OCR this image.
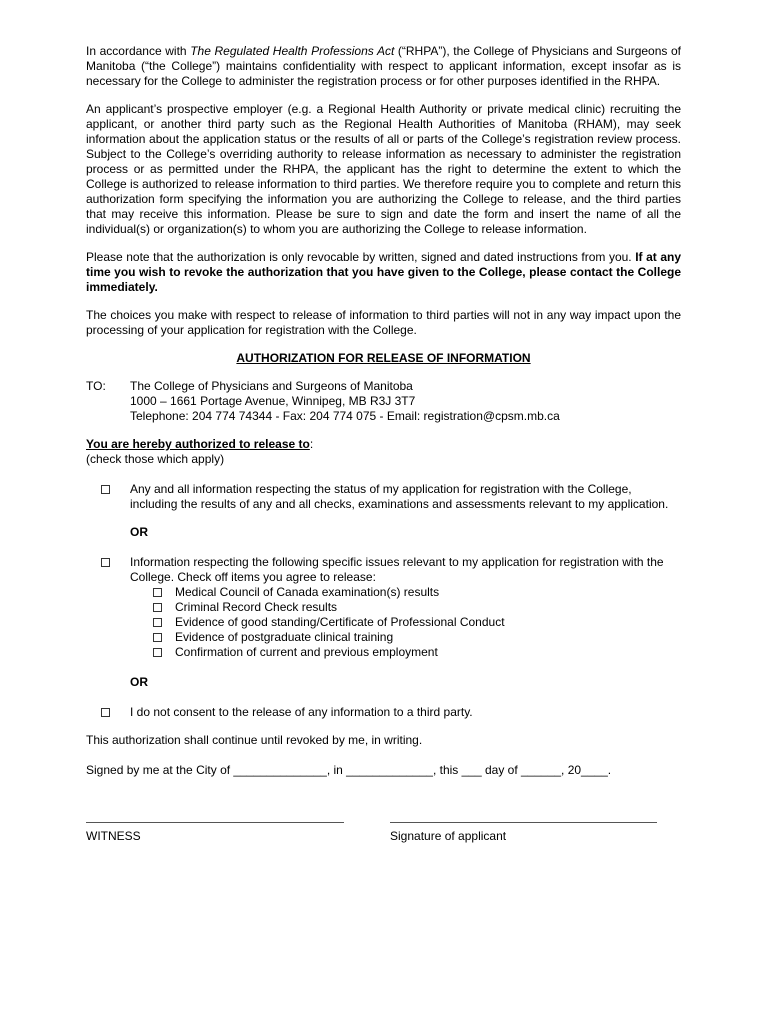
In accordance with The Regulated Health Professions Act (“RHPA”), the College of Physicians and Surgeons of Manitoba (“the College”) maintains confidentiality with respect to applicant information, except insofar as is necessary for the College to administer the registration process or for other purposes identified in the RHPA.

An applicant’s prospective employer (e.g. a Regional Health Authority or private medical clinic) recruiting the applicant, or another third party such as the Regional Health Authorities of Manitoba (RHAM), may seek information about the application status or the results of all or parts of the College’s registration review process. Subject to the College’s overriding authority to release information as necessary to administer the registration process or as permitted under the RHPA, the applicant has the right to determine the extent to which the College is authorized to release information to third parties. We therefore require you to complete and return this authorization form specifying the information you are authorizing the College to release, and the third parties that may receive this information. Please be sure to sign and date the form and insert the name of all the individual(s) or organization(s) to whom you are authorizing the College to release information.

Please note that the authorization is only revocable by written, signed and dated instructions from you. If at any time you wish to revoke the authorization that you have given to the College, please contact the College immediately.

The choices you make with respect to release of information to third parties will not in any way impact upon the processing of your application for registration with the College.

AUTHORIZATION FOR RELEASE OF INFORMATION

TO:	The College of Physicians and Surgeons of Manitoba
1000 – 1661 Portage Avenue, Winnipeg, MB R3J 3T7
Telephone: 204 774 74344 - Fax: 204 774 075 - Email: registration@cpsm.mb.ca
You are hereby authorized to release to:

(check those which apply)

Any and all information respecting the status of my application for registration with the College, including the results of any and all checks, examinations and assessments relevant to my application.

OR

Information respecting the following specific issues relevant to my application for registration with the College. Check off items you agree to release:
Medical Council of Canada examination(s) results
Criminal Record Check results
Evidence of good standing/Certificate of Professional Conduct
Evidence of postgraduate clinical training
Confirmation of current and previous employment

OR

I do not consent to the release of any information to a third party.

This authorization shall continue until revoked by me, in writing.

Signed by me at the City of ______________, in _____________, this ___ day of ______, 20____.

WITNESS	Signature of applicant
